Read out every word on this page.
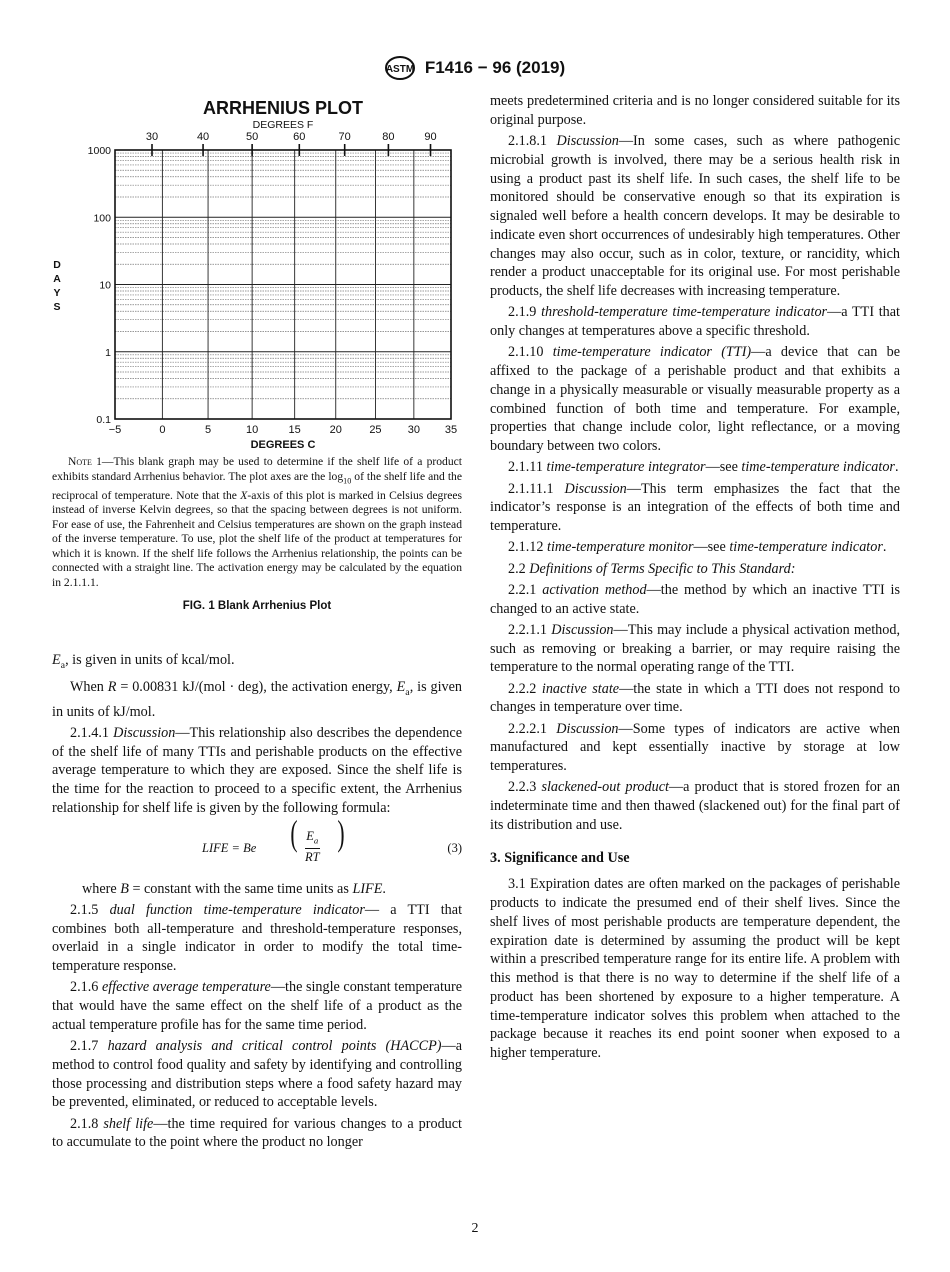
ASTM F1416 − 96 (2019)
0.1
1
10
100
1000
−5	0	5	10	15	20 25 30 35
30	40	50	60	70	80	90
ARRHENIUS PLOT
DEGREES F
DEGREES C
DAYS

Note 1—This blank graph may be used to determine if the shelf life of a product exhibits standard Arrhenius behavior. The plot axes are the $\log_{10}$ of the shelf life and the reciprocal of temperature. Note that the X-axis of this plot is marked in Celsius degrees instead of inverse Kelvin degrees, so that the spacing between degrees is not uniform. For ease of use, the Fahrenheit and Celsius temperatures are shown on the graph instead of the inverse temperature. To use, plot the shelf life of the product at temperatures for which it is known. If the shelf life follows the Arrhenius relationship, the points can be connected with a straight line. The activation energy may be calculated by the equation in 2.1.1.1.

FIG. 1 Blank Arrhenius Plot

$E_a$, is given in units of kcal/mol.

When R = 0.00831 kJ/(mol · deg), the activation energy, $E_a$, is given in units of kJ/mol.

2.1.4.1 Discussion—This relationship also describes the dependence of the shelf life of many TTIs and perishable products on the effective average temperature to which they are exposed. Since the shelf life is the time for the reaction to proceed to a specific extent, the Arrhenius relationship for shelf life is given by the following formula:

LIFE = Be ( $\frac{E_a}{RT}$ )	(3)

where B = constant with the same time units as LIFE.

2.1.5 dual function time-temperature indicator— a TTI that combines both all-temperature and threshold-temperature responses, overlaid in a single indicator in order to modify the total time-temperature response.

2.1.6 effective average temperature—the single constant temperature that would have the same effect on the shelf life of a product as the actual temperature profile has for the same time period.

2.1.7 hazard analysis and critical control points (HACCP)—a method to control food quality and safety by identifying and controlling those processing and distribution steps where a food safety hazard may be prevented, eliminated, or reduced to acceptable levels.

2.1.8 shelf life—the time required for various changes to a product to accumulate to the point where the product no longer

meets predetermined criteria and is no longer considered suitable for its original purpose.

2.1.8.1 Discussion—In some cases, such as where pathogenic microbial growth is involved, there may be a serious health risk in using a product past its shelf life. In such cases, the shelf life to be monitored should be conservative enough so that its expiration is signaled well before a health concern develops. It may be desirable to indicate even short occurrences of undesirably high temperatures. Other changes may also occur, such as in color, texture, or rancidity, which render a product unacceptable for its original use. For most perishable products, the shelf life decreases with increasing temperature.

2.1.9 threshold-temperature time-temperature indicator—a TTI that only changes at temperatures above a specific threshold.

2.1.10 time-temperature indicator (TTI)—a device that can be affixed to the package of a perishable product and that exhibits a change in a physically measurable or visually measurable property as a combined function of both time and temperature. For example, properties that change include color, light reflectance, or a moving boundary between two colors.

2.1.11 time-temperature integrator—see time-temperature indicator.

2.1.11.1 Discussion—This term emphasizes the fact that the indicator’s response is an integration of the effects of both time and temperature.

2.1.12 time-temperature monitor—see time-temperature indicator.

2.2 Definitions of Terms Specific to This Standard:

2.2.1 activation method—the method by which an inactive TTI is changed to an active state.

2.2.1.1 Discussion—This may include a physical activation method, such as removing or breaking a barrier, or may require raising the temperature to the normal operating range of the TTI.

2.2.2 inactive state—the state in which a TTI does not respond to changes in temperature over time.

2.2.2.1 Discussion—Some types of indicators are active when manufactured and kept essentially inactive by storage at low temperatures.

2.2.3 slackened-out product—a product that is stored frozen for an indeterminate time and then thawed (slackened out) for the final part of its distribution and use.

3. Significance and Use

3.1 Expiration dates are often marked on the packages of perishable products to indicate the presumed end of their shelf lives. Since the shelf lives of most perishable products are temperature dependent, the expiration date is determined by assuming the product will be kept within a prescribed temperature range for its entire life. A problem with this method is that there is no way to determine if the shelf life of a product has been shortened by exposure to a higher temperature. A time-temperature indicator solves this problem when attached to the package because it reaches its end point sooner when exposed to a higher temperature.

2
